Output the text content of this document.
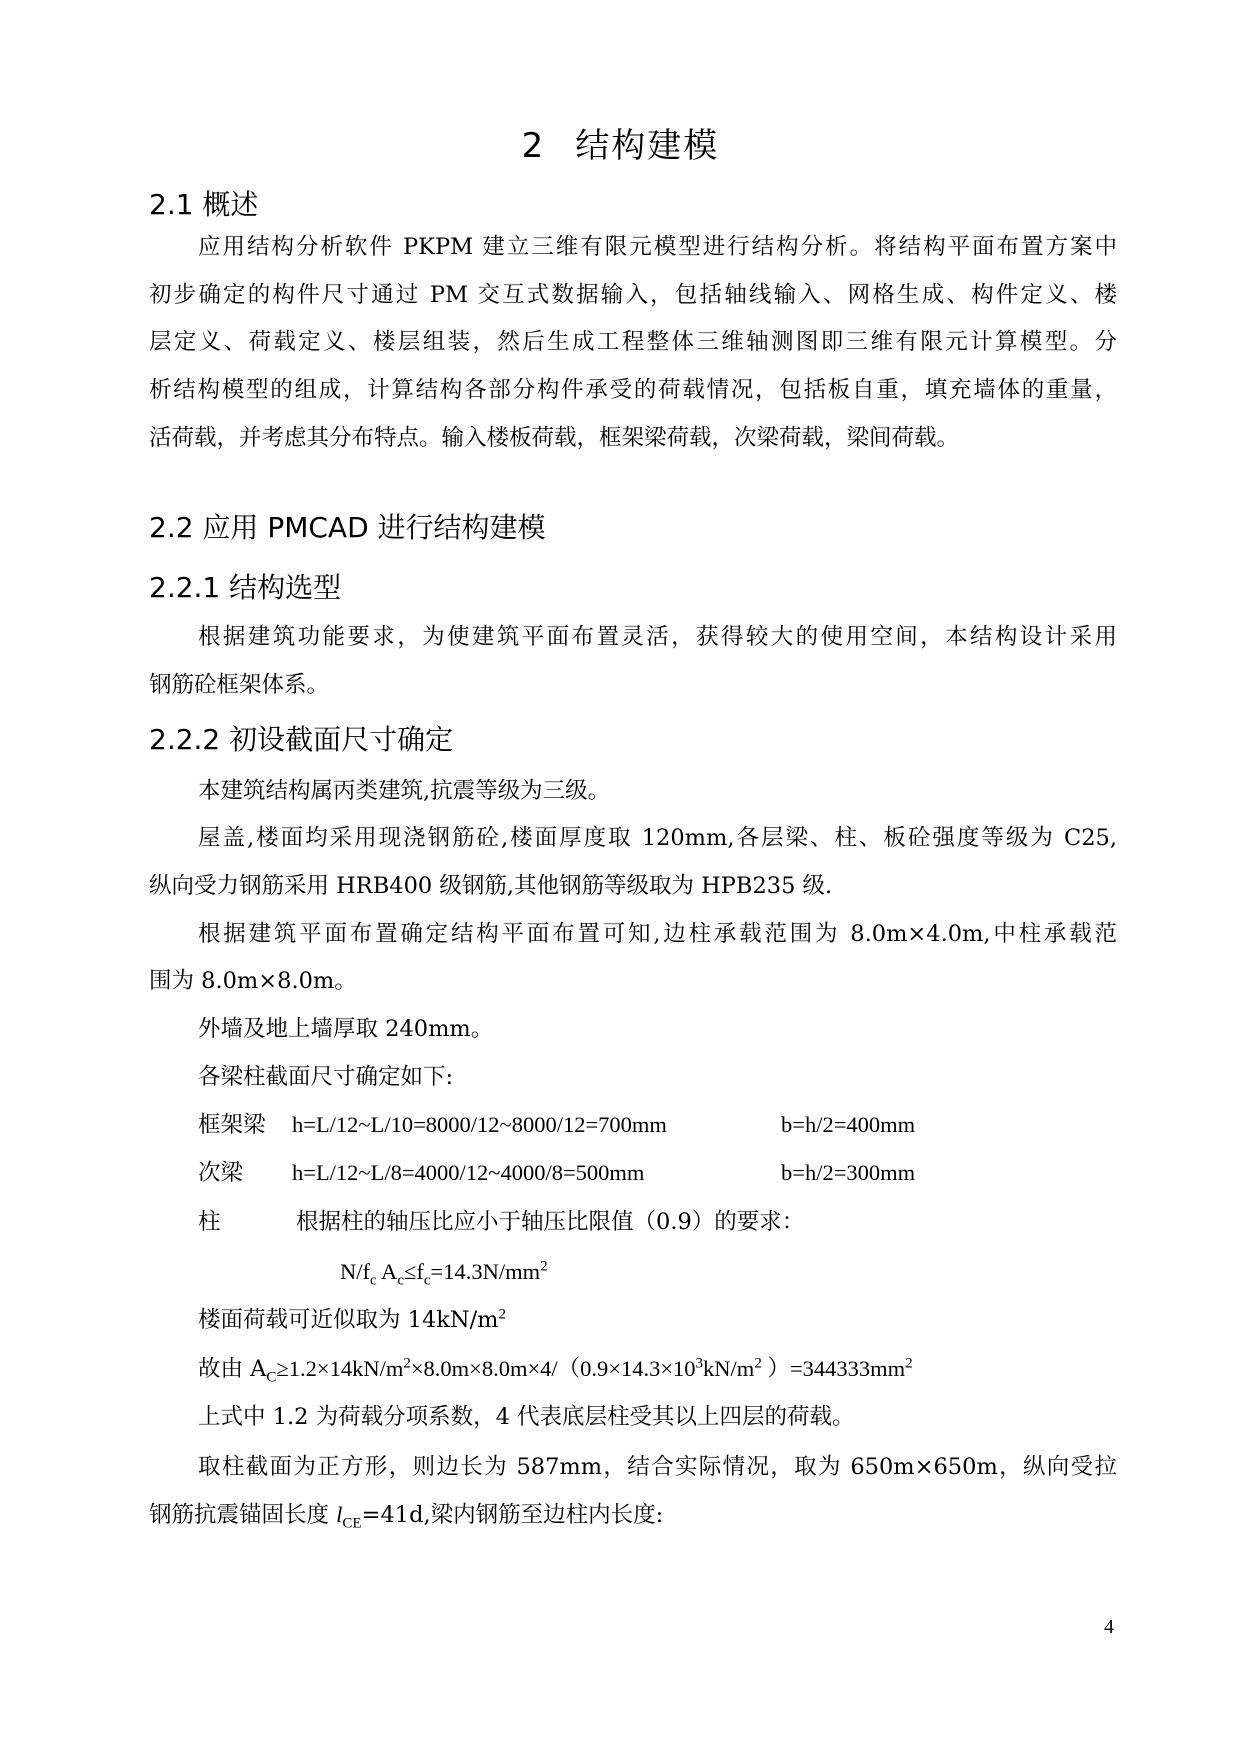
2 结构建模
2.1 概述
应用结构分析软件 PKPM 建立三维有限元模型进行结构分析。将结构平面布置方案中
初步确定的构件尺寸通过 PM 交互式数据输入，包括轴线输入、网格生成、构件定义、楼
层定义、荷载定义、楼层组装，然后生成工程整体三维轴测图即三维有限元计算模型。分
析结构模型的组成，计算结构各部分构件承受的荷载情况，包括板自重，填充墙体的重量，
活荷载，并考虑其分布特点。输入楼板荷载，框架梁荷载，次梁荷载，梁间荷载。
2.2 应用 PMCAD 进行结构建模
2.2.1 结构选型
根据建筑功能要求，为使建筑平面布置灵活，获得较大的使用空间，本结构设计采用
钢筋砼框架体系。
2.2.2 初设截面尺寸确定
本建筑结构属丙类建筑,抗震等级为三级。
屋盖,楼面均采用现浇钢筋砼,楼面厚度取 120mm,各层梁、柱、板砼强度等级为 C25,
纵向受力钢筋采用 HRB400 级钢筋,其他钢筋等级取为 HPB235 级.
根据建筑平面布置确定结构平面布置可知,边柱承载范围为 8.0m×4.0m,中柱承载范
围为 8.0m×8.0m。
外墙及地上墙厚取 240mm。
各梁柱截面尺寸确定如下:
框架梁 h=L/12~L/10=8000/12~8000/12=700mm	b=h/2=400mm
次梁 h=L/12~L/8=4000/12~4000/8=500mm	b=h/2=300mm
柱	根据柱的轴压比应小于轴压比限值（0.9）的要求：
$N/f_c$ $A_c\le f_c=14.3N/mm^2$
楼面荷载可近似取为 $14kN/m^2$
故由 $A_C\ge 1.2\times 14kN/m^2\times 8.0m\times 8.0m\times 4/(0.9\times 14.3\times 10^3kN/m^2$ ）$=344333mm^2$
上式中 1.2 为荷载分项系数，4 代表底层柱受其以上四层的荷载。
取柱截面为正方形，则边长为 587mm，结合实际情况，取为 650m×650m，纵向受拉
钢筋抗震锚固长度 $l_{CE}=41d$,梁内钢筋至边柱内长度:
4
